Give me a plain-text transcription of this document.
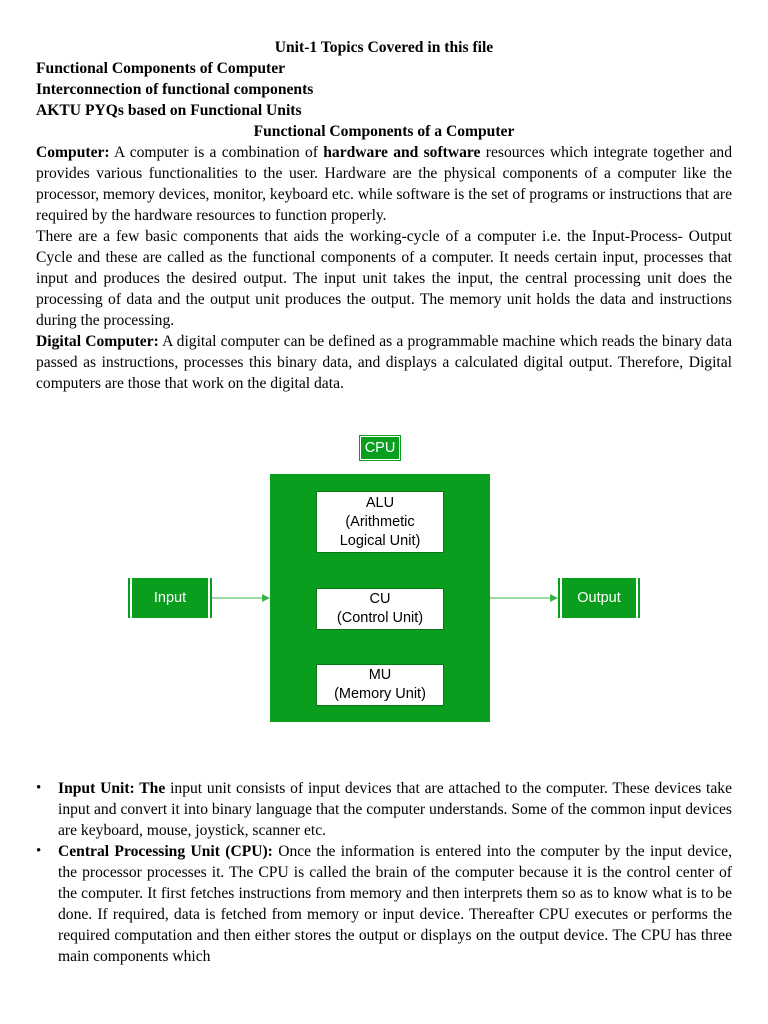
Unit-1 Topics Covered in this file
Functional Components of Computer
Interconnection of functional components
AKTU PYQs based on Functional Units
Functional Components of a Computer

Computer: A computer is a combination of hardware and software resources which integrate together and provides various functionalities to the user. Hardware are the physical components of a computer like the processor, memory devices, monitor, keyboard etc. while software is the set of programs or instructions that are required by the hardware resources to function properly.

There are a few basic components that aids the working-cycle of a computer i.e. the Input-Process- Output Cycle and these are called as the functional components of a computer. It needs certain input, processes that input and produces the desired output. The input unit takes the input, the central processing unit does the processing of data and the output unit produces the output. The memory unit holds the data and instructions during the processing.

Digital Computer: A digital computer can be defined as a programmable machine which reads the binary data passed as instructions, processes this binary data, and displays a calculated digital output. Therefore, Digital computers are those that work on the digital data.

CPU
ALU
(Arithmetic
Logical Unit)
CU
(Control Unit)
MU
(Memory Unit)
Input	Output
• Input Unit: The input unit consists of input devices that are attached to the computer. These devices take input and convert it into binary language that the computer understands. Some of the common input devices are keyboard, mouse, joystick, scanner etc.
• Central Processing Unit (CPU): Once the information is entered into the computer by the input device, the processor processes it. The CPU is called the brain of the computer because it is the control center of the computer. It first fetches instructions from memory and then interprets them so as to know what is to be done. If required, data is fetched from memory or input device. Thereafter CPU executes or performs the required computation and then either stores the output or displays on the output device. The CPU has three main components which
